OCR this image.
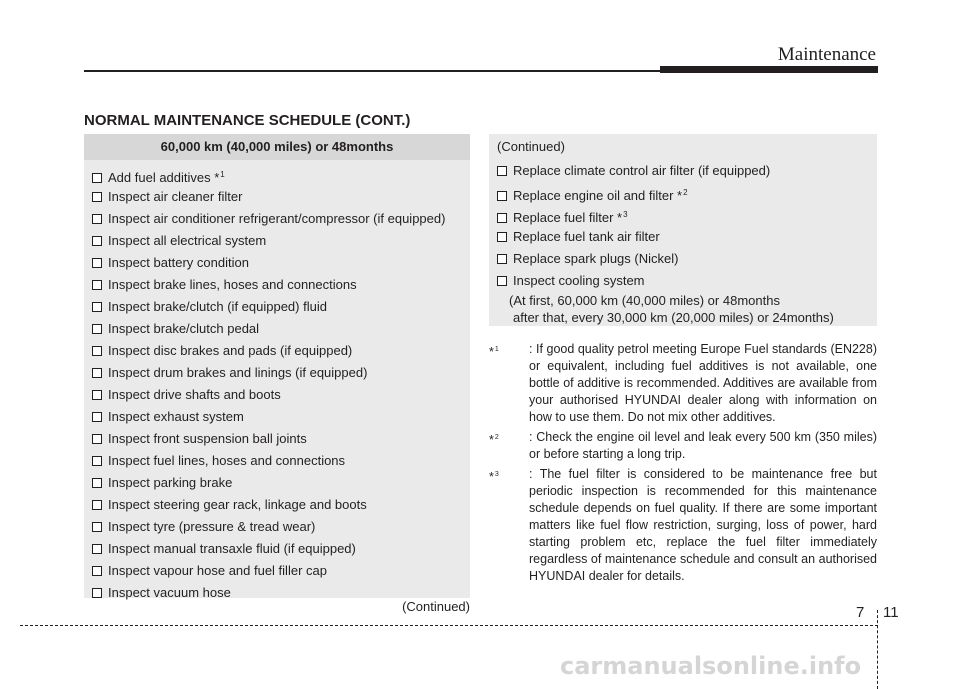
Maintenance
NORMAL MAINTENANCE SCHEDULE (CONT.)
60,000 km (40,000 miles) or 48months
Add fuel additives *$^1$
Inspect air cleaner filter
Inspect air conditioner refrigerant/compressor (if equipped)
Inspect all electrical system
Inspect battery condition
Inspect brake lines, hoses and connections
Inspect brake/clutch (if equipped) fluid
Inspect brake/clutch pedal
Inspect disc brakes and pads (if equipped)
Inspect drum brakes and linings (if equipped)
Inspect drive shafts and boots
Inspect exhaust system
Inspect front suspension ball joints
Inspect fuel lines, hoses and connections
Inspect parking brake
Inspect steering gear rack, linkage and boots
Inspect tyre (pressure & tread wear)
Inspect manual transaxle fluid (if equipped)
Inspect vapour hose and fuel filler cap
Inspect vacuum hose
(Continued)
(Continued)
Replace climate control air filter (if equipped)
Replace engine oil and filter *$^2$
Replace fuel filter *$^3$
Replace fuel tank air filter
Replace spark plugs (Nickel)
Inspect cooling system
(At first, 60,000 km (40,000 miles) or 48months
after that, every 30,000 km (20,000 miles) or 24months)
*$^1$ : If good quality petrol meeting Europe Fuel standards (EN228) or equivalent, including fuel additives is not available, one bottle of additive is recommended. Additives are available from your authorised HYUNDAI dealer along with information on how to use them. Do not mix other additives.
*$^2$ : Check the engine oil level and leak every 500 km (350 miles) or before starting a long trip.
*$^3$ : The fuel filter is considered to be maintenance free but periodic inspection is recommended for this maintenance schedule depends on fuel quality. If there are some important matters like fuel flow restriction, surging, loss of power, hard starting problem etc, replace the fuel filter immediately regardless of maintenance schedule and consult an authorised HYUNDAI dealer for details.
7 11
carmanualsonline.info
